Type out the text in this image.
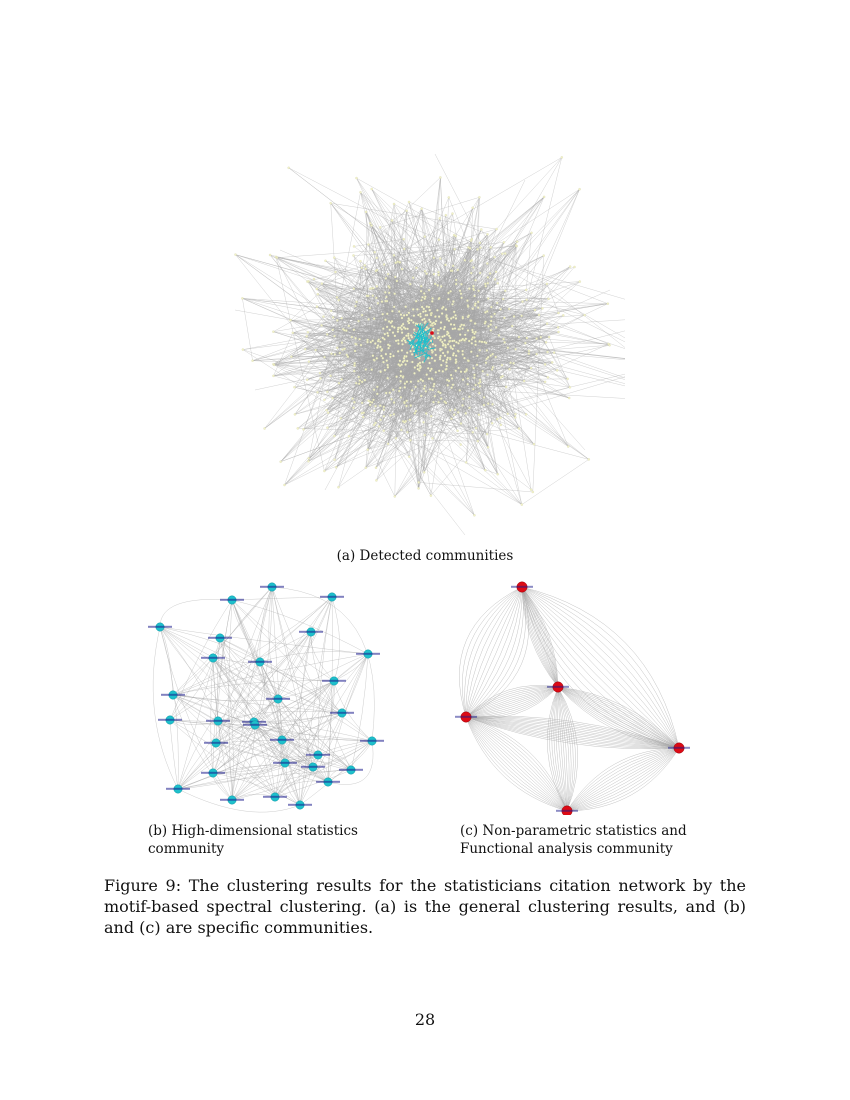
(a) Detected communities
(b) High-dimensional statistics community
(c) Non-parametric statistics and Functional analysis community
Figure 9: The clustering results for the statisticians citation network by the motif-based spectral clustering. (a) is the general clustering results, and (b) and (c) are specific communities.
28
